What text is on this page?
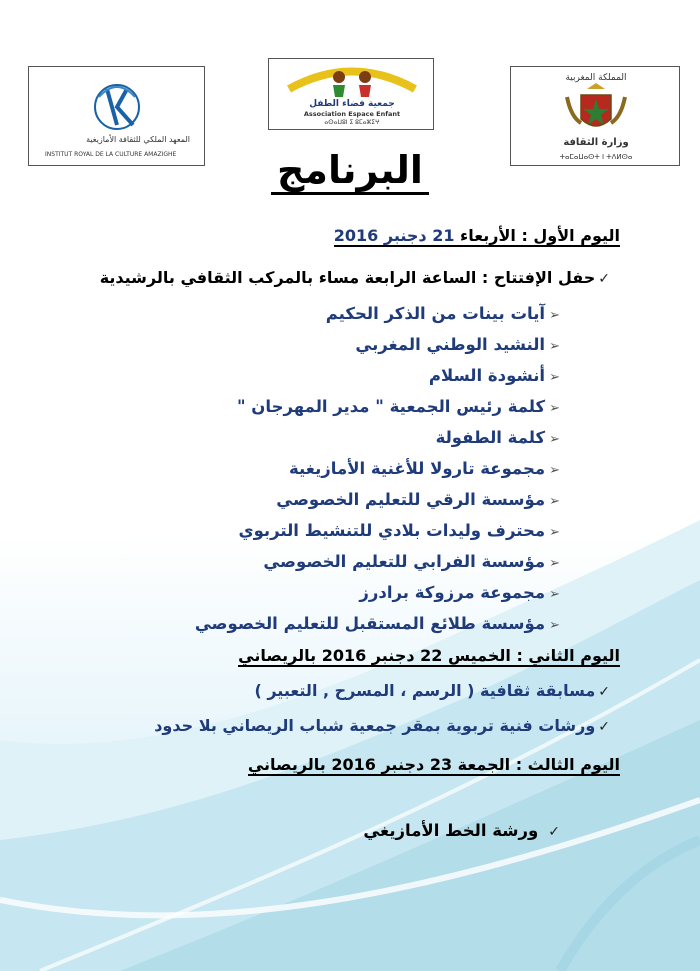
المعهد الملكي للثقافة الأمازيغية
INSTITUT ROYAL DE LA CULTURE AMAZIGHE
جمعية فضاء الطفل
Association Espace Enfant
ⴰⵙⴰⵡⵓⵏ ⵉ ⵓⵎⴰⵣⵉⵖ
المملكة المغربية
وزارة الثقافة
ⵜⴰⵎⴰⵡⴰⵙⵜ ⵏ ⵜⴷⵍⵙⴰ
البرنامج
اليوم الأول : الأربعاء 21 دجنبر 2016
✓حفل الإفتتاح : الساعة الرابعة مساء بالمركب الثقافي بالرشيدية
➢آيات بينات من الذكر الحكيم
➢النشيد الوطني المغربي
➢أنشودة السلام
➢كلمة رئيس الجمعية " مدير المهرجان "
➢كلمة الطفولة
➢مجموعة تارولا للأغنية الأمازيغية
➢مؤسسة الرقي للتعليم الخصوصي
➢محترف وليدات بلادي للتنشيط التربوي
➢مؤسسة الفرابي للتعليم الخصوصي
➢مجموعة مرزوكة برادرز
➢مؤسسة طلائع المستقبل للتعليم الخصوصي
اليوم الثاني : الخميس 22 دجنبر 2016 بالريصاني
✓مسابقة ثقافية ( الرسم ، المسرح , التعبير )
✓ورشات فنية تربوية بمقر جمعية شباب الريصاني بلا حدود
اليوم الثالث : الجمعة 23 دجنبر 2016 بالريصاني
✓ورشة الخط الأمازيغي
